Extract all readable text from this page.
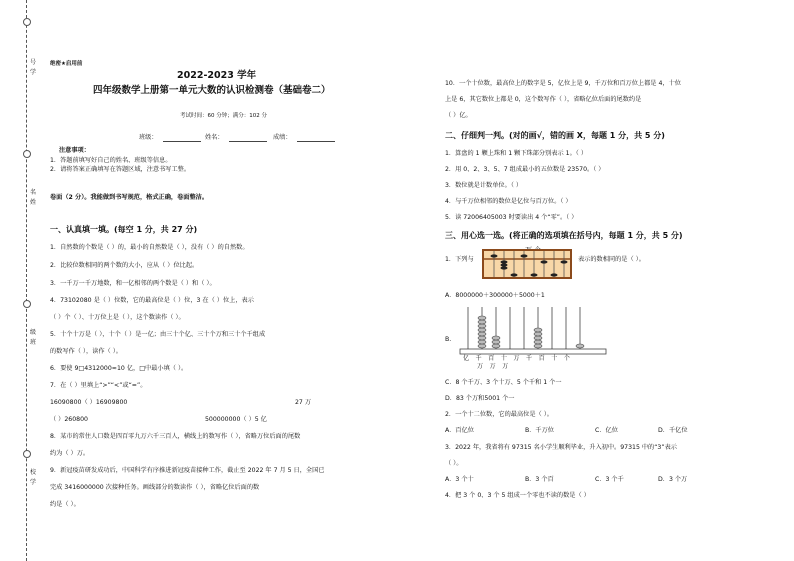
号
学
名
姓
级
班
校
学
绝密★启用前
2022-2023 学年
四年级数学上册第一单元大数的认识检测卷（基础卷二）
考试时间：60 分钟；满分：102 分
班级：	姓名：	成绩：
注意事项：
1．答题前填写好自己的姓名、班级等信息。
2．请将答案正确填写在答题区域，注意书写工整。
卷面（2 分）。我能做到书写规范，格式正确，卷面整洁。
一、认真填一填。(每空 1 分，共 27 分)
1．自然数的个数是（ ）的，最小的自然数是（ ），没有（ ）的自然数。
2．比较位数相同的两个数的大小，应从（ ）位比起。
3．一千万一千万地数，和一亿相邻的两个数是（ ）和（ ）。
4．73102080 是（ ）位数，它的最高位是（ ）位，3 在（ ）位上，表示
（ ）个（ ）、十万位上是（ ），这个数读作（ ）。
5．十个十万是（ ），十个（ ）是一亿；由三十个亿、三十个万和三十个千组成
的数写作（ ），读作（ ）。
6．要使 9□4312000≈10 亿，□中最小填（ ）。
7．在（ ）里填上“>”“<”或“=”。
16090800（ ）16909800	27 万
（ ）260800	500000000（ ）5 亿
8．某市的常住人口数是四百零九万六千三百人，横线上的数写作（ ），省略万位后面的尾数
约为（ ）万。
9．新冠疫苗研发成功后，中国科学有序推进新冠疫苗接种工作，截止至 2022 年 7 月 5 日，全国已
完成 3416000000 次接种任务。画线部分的数读作（ ），省略亿位后面的数
约是（ ）。
10．一个十位数，最高位上的数字是 5，亿位上是 9，千万位和百万位上都是 4，十位
上是 6，其它数位上都是 0，这个数写作（ ），省略亿位后面的尾数约是
（ ）亿。
二、仔细判一判。(对的画√，错的画 X，每题 1 分，共 5 分)
1．算盘的 1 颗上珠和 1 颗下珠部分别表示 1。（ ）
2．用 0、2、3、5、7 组成最小的五位数是 23570。（ ）
3．数位就是计数单位。（ ）
4．与千万位相邻的数位是亿位与百万位。（ ）
5．读 72006405003 时要读出 4 个“零”。（ ）
三、用心选一选。(将正确的选项填在括号内，每题 1 分，共 5 分)
1．下列与	表示的数相同的是（ ）。
A．8000000＋300000＋5000＋1
B.
亿千百十万千百十个
万万万
C．8 个千万、3 个十万、5 个千和 1 个一
D．83 个万和5001 个一
2．一个十二位数，它的最高位是（ ）。
A．百亿位	B．千万位	C．亿位	D．千亿位
3．2022 年，我省将有 97315 名小学生顺利毕业，升入初中。97315 中的“3”表示
（ ）。
A．3 个十	B．3 个百	C．3 个千	D．3 个万
4．把 3 个 0、3 个 5 组成一个零也不读的数是（ ）
